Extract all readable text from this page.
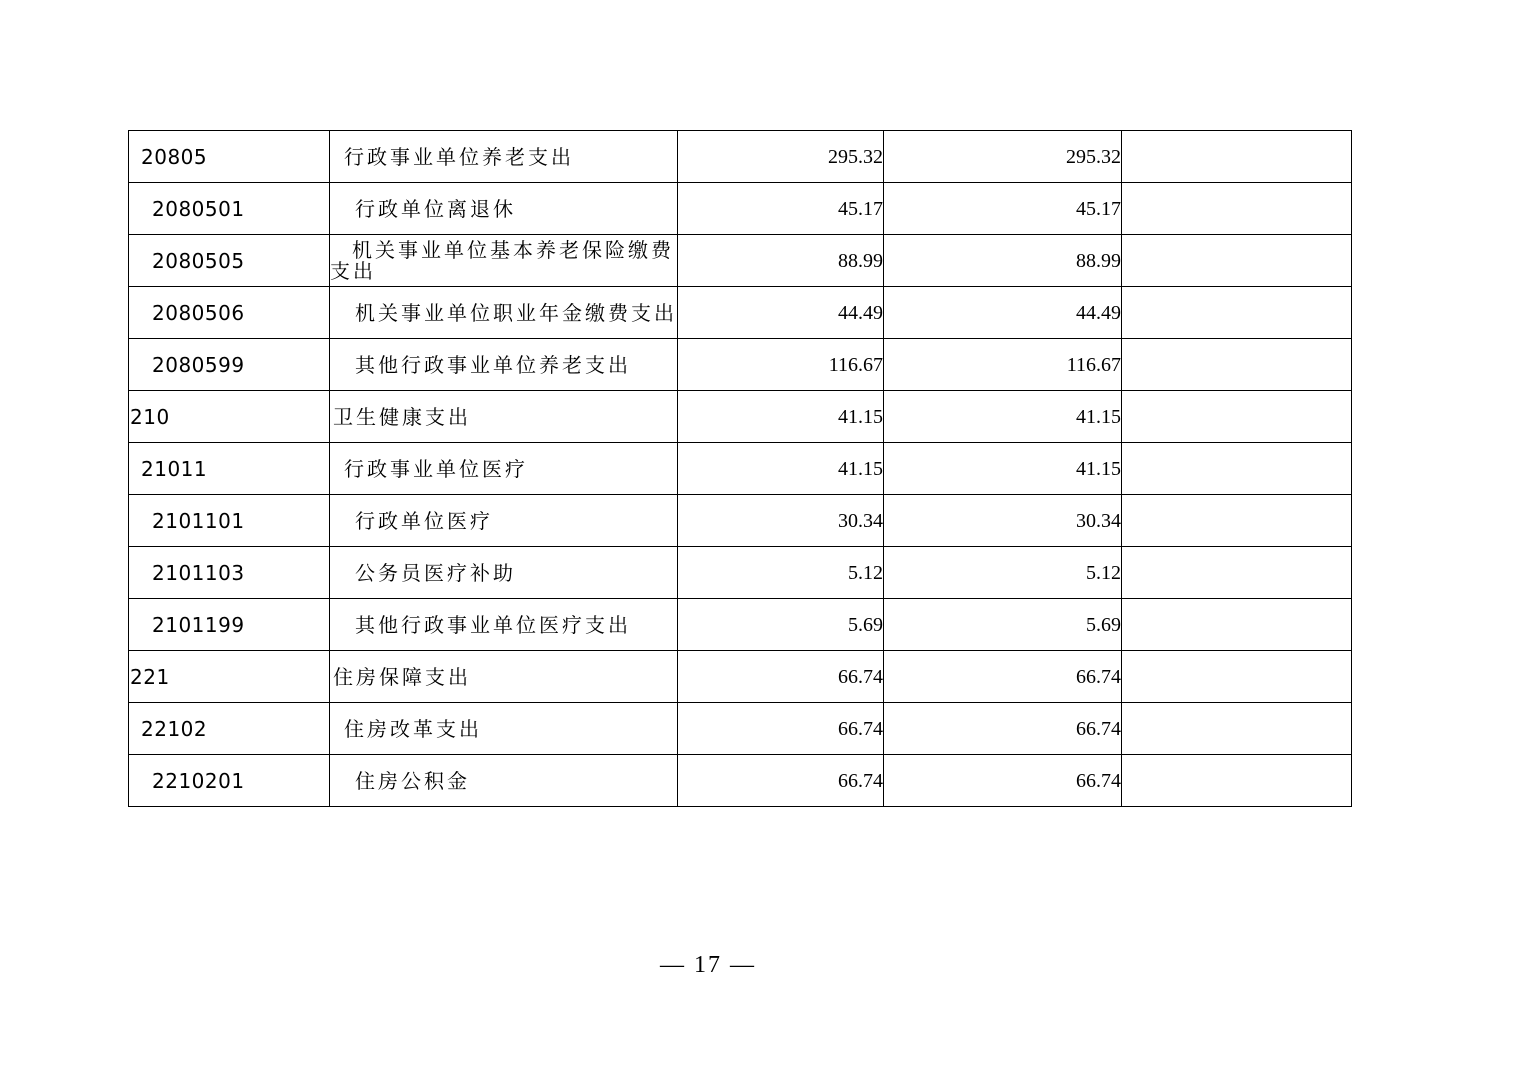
20805	行政事业单位养老支出	295.32	295.32	
2080501	行政单位离退休	45.17	45.17	
2080505	机关事业单位基本养老保险缴费支出	88.99	88.99	
2080506	机关事业单位职业年金缴费支出	44.49	44.49	
2080599	其他行政事业单位养老支出	116.67	116.67	
210	卫生健康支出	41.15	41.15	
21011	行政事业单位医疗	41.15	41.15	
2101101	行政单位医疗	30.34	30.34	
2101103	公务员医疗补助	5.12	5.12	
2101199	其他行政事业单位医疗支出	5.69	5.69	
221	住房保障支出	66.74	66.74	
22102	住房改革支出	66.74	66.74	
2210201	住房公积金	66.74	66.74	
— 17 —
